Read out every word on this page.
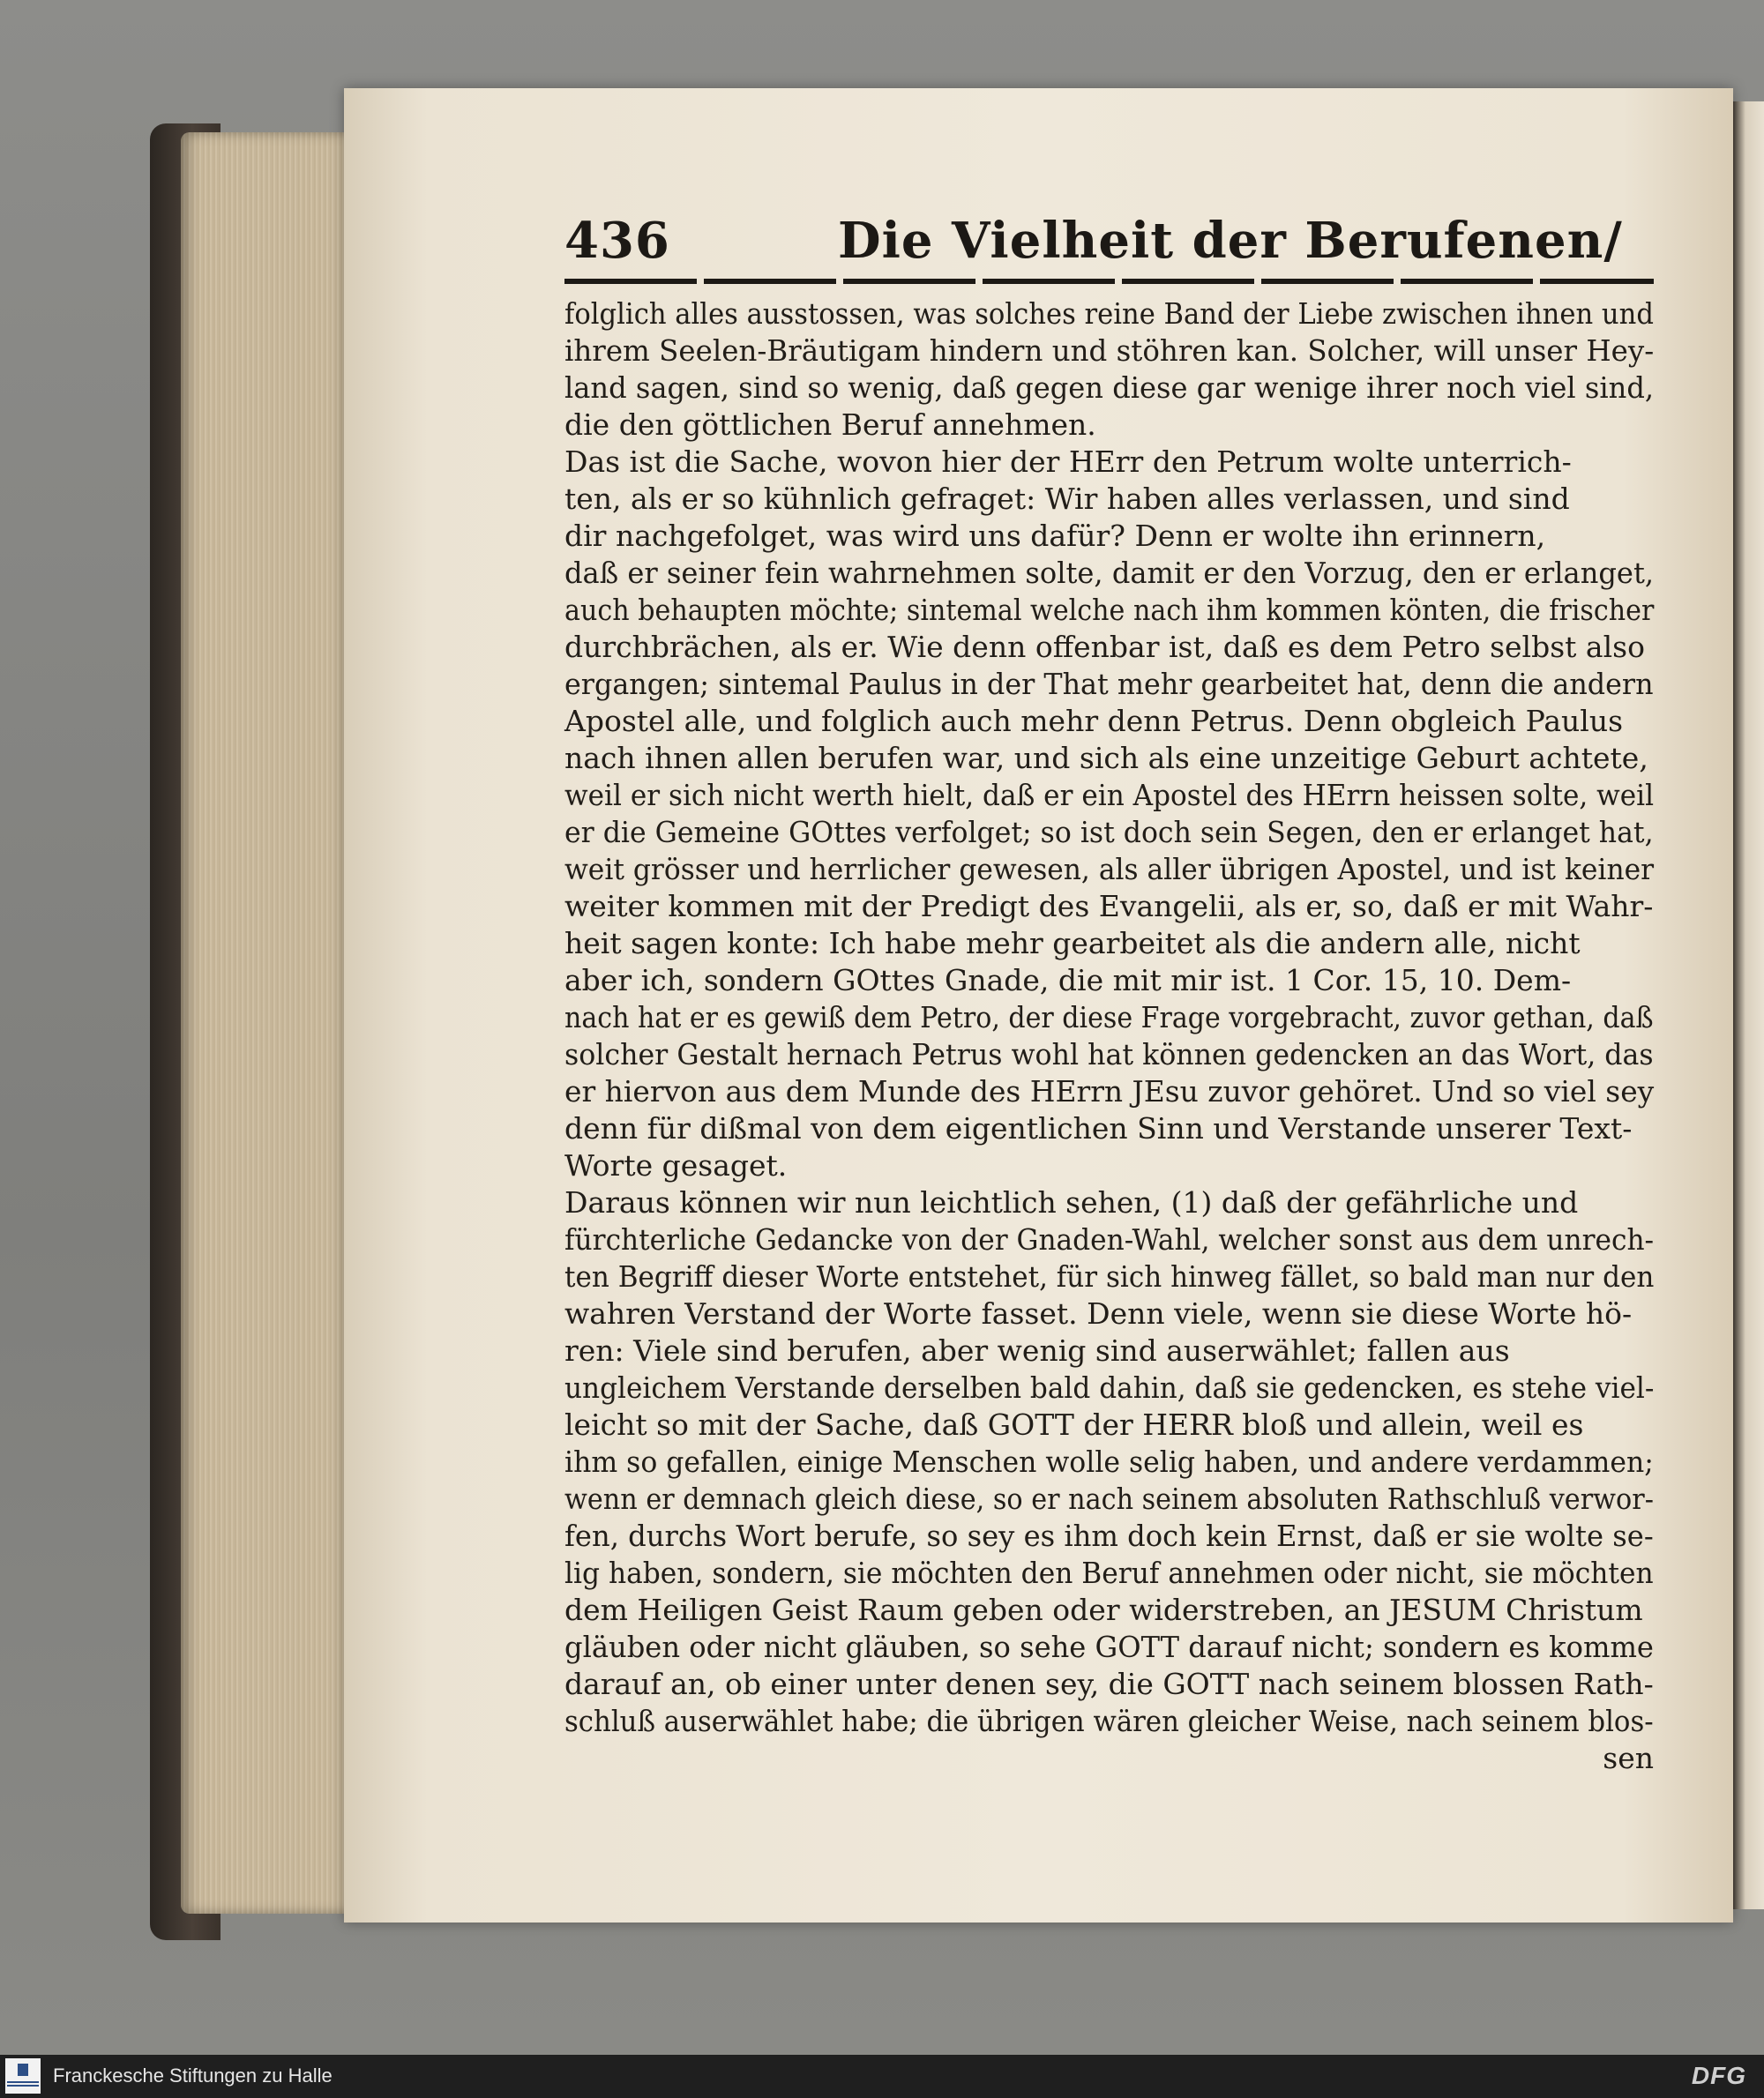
436	Die Vielheit der Berufenen/
folglich alles ausstossen, was solches reine Band der Liebe zwischen ihnen und
ihrem Seelen-Bräutigam hindern und stöhren kan. Solcher, will unser Hey-
land sagen, sind so wenig, daß gegen diese gar wenige ihrer noch viel sind,
die den göttlichen Beruf annehmen.
Das ist die Sache, wovon hier der HErr den Petrum wolte unterrich-
ten, als er so kühnlich gefraget: Wir haben alles verlassen, und sind
dir nachgefolget, was wird uns dafür? Denn er wolte ihn erinnern,
daß er seiner fein wahrnehmen solte, damit er den Vorzug, den er erlanget,
auch behaupten möchte; sintemal welche nach ihm kommen könten, die frischer
durchbrächen, als er. Wie denn offenbar ist, daß es dem Petro selbst also
ergangen; sintemal Paulus in der That mehr gearbeitet hat, denn die andern
Apostel alle, und folglich auch mehr denn Petrus. Denn obgleich Paulus
nach ihnen allen berufen war, und sich als eine unzeitige Geburt achtete,
weil er sich nicht werth hielt, daß er ein Apostel des HErrn heissen solte, weil
er die Gemeine GOttes verfolget; so ist doch sein Segen, den er erlanget hat,
weit grösser und herrlicher gewesen, als aller übrigen Apostel, und ist keiner
weiter kommen mit der Predigt des Evangelii, als er, so, daß er mit Wahr-
heit sagen konte: Ich habe mehr gearbeitet als die andern alle, nicht
aber ich, sondern GOttes Gnade, die mit mir ist. 1 Cor. 15, 10. Dem-
nach hat er es gewiß dem Petro, der diese Frage vorgebracht, zuvor gethan, daß
solcher Gestalt hernach Petrus wohl hat können gedencken an das Wort, das
er hiervon aus dem Munde des HErrn JEsu zuvor gehöret. Und so viel sey
denn für dißmal von dem eigentlichen Sinn und Verstande unserer Text-
Worte gesaget.
Daraus können wir nun leichtlich sehen, (1) daß der gefährliche und
fürchterliche Gedancke von der Gnaden-Wahl, welcher sonst aus dem unrech-
ten Begriff dieser Worte entstehet, für sich hinweg fället, so bald man nur den
wahren Verstand der Worte fasset. Denn viele, wenn sie diese Worte hö-
ren: Viele sind berufen, aber wenig sind auserwählet; fallen aus
ungleichem Verstande derselben bald dahin, daß sie gedencken, es stehe viel-
leicht so mit der Sache, daß GOTT der HERR bloß und allein, weil es
ihm so gefallen, einige Menschen wolle selig haben, und andere verdammen;
wenn er demnach gleich diese, so er nach seinem absoluten Rathschluß verwor-
fen, durchs Wort berufe, so sey es ihm doch kein Ernst, daß er sie wolte se-
lig haben, sondern, sie möchten den Beruf annehmen oder nicht, sie möchten
dem Heiligen Geist Raum geben oder widerstreben, an JESUM Christum
gläuben oder nicht gläuben, so sehe GOTT darauf nicht; sondern es komme
darauf an, ob einer unter denen sey, die GOTT nach seinem blossen Rath-
schluß auserwählet habe; die übrigen wären gleicher Weise, nach seinem blos-
sen
Franckesche Stiftungen zu Halle	DFG
